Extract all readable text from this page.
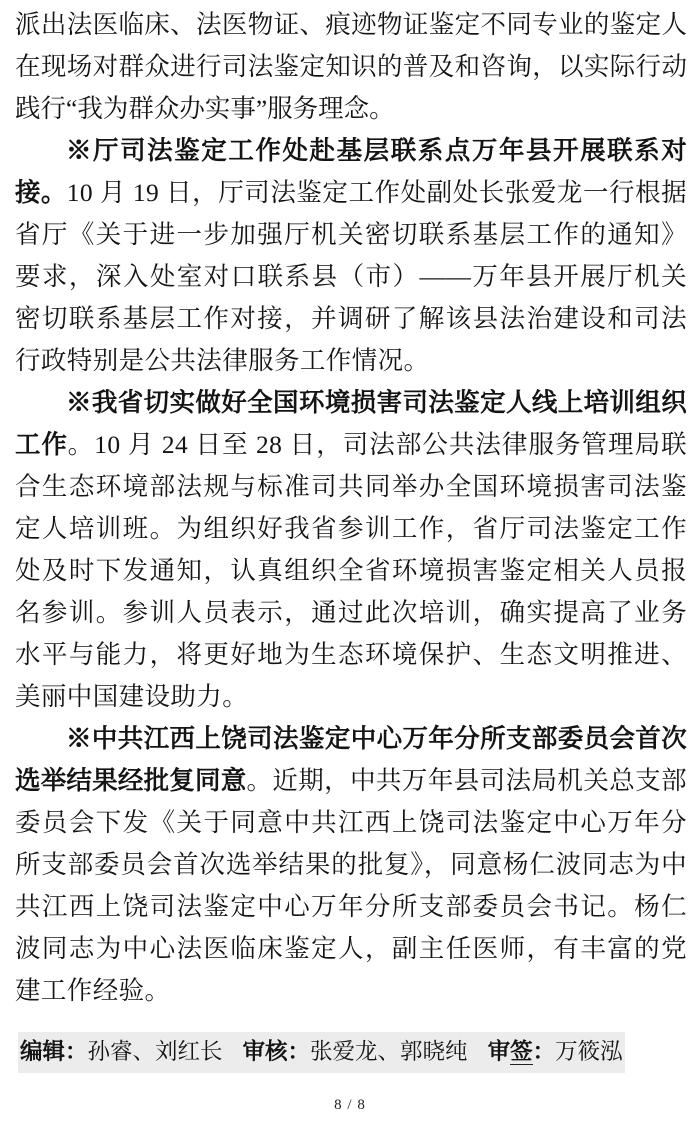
派出法医临床、法医物证、痕迹物证鉴定不同专业的鉴定人在现场对群众进行司法鉴定知识的普及和咨询，以实际行动践行“我为群众办实事”服务理念。

※厅司法鉴定工作处赴基层联系点万年县开展联系对接。10 月 19 日，厅司法鉴定工作处副处长张爱龙一行根据省厅《关于进一步加强厅机关密切联系基层工作的通知》要求，深入处室对口联系县（市）——万年县开展厅机关密切联系基层工作对接，并调研了解该县法治建设和司法行政特别是公共法律服务工作情况。

※我省切实做好全国环境损害司法鉴定人线上培训组织工作。10 月 24 日至 28 日，司法部公共法律服务管理局联合生态环境部法规与标准司共同举办全国环境损害司法鉴定人培训班。为组织好我省参训工作，省厅司法鉴定工作处及时下发通知，认真组织全省环境损害鉴定相关人员报名参训。参训人员表示，通过此次培训，确实提高了业务水平与能力，将更好地为生态环境保护、生态文明推进、美丽中国建设助力。

※中共江西上饶司法鉴定中心万年分所支部委员会首次选举结果经批复同意。近期，中共万年县司法局机关总支部委员会下发《关于同意中共江西上饶司法鉴定中心万年分所支部委员会首次选举结果的批复》，同意杨仁波同志为中共江西上饶司法鉴定中心万年分所支部委员会书记。杨仁波同志为中心法医临床鉴定人，副主任医师，有丰富的党建工作经验。

编辑：孙睿、刘红长 审核：张爱龙、郭晓纯 审签：万筱泓
8 / 8
